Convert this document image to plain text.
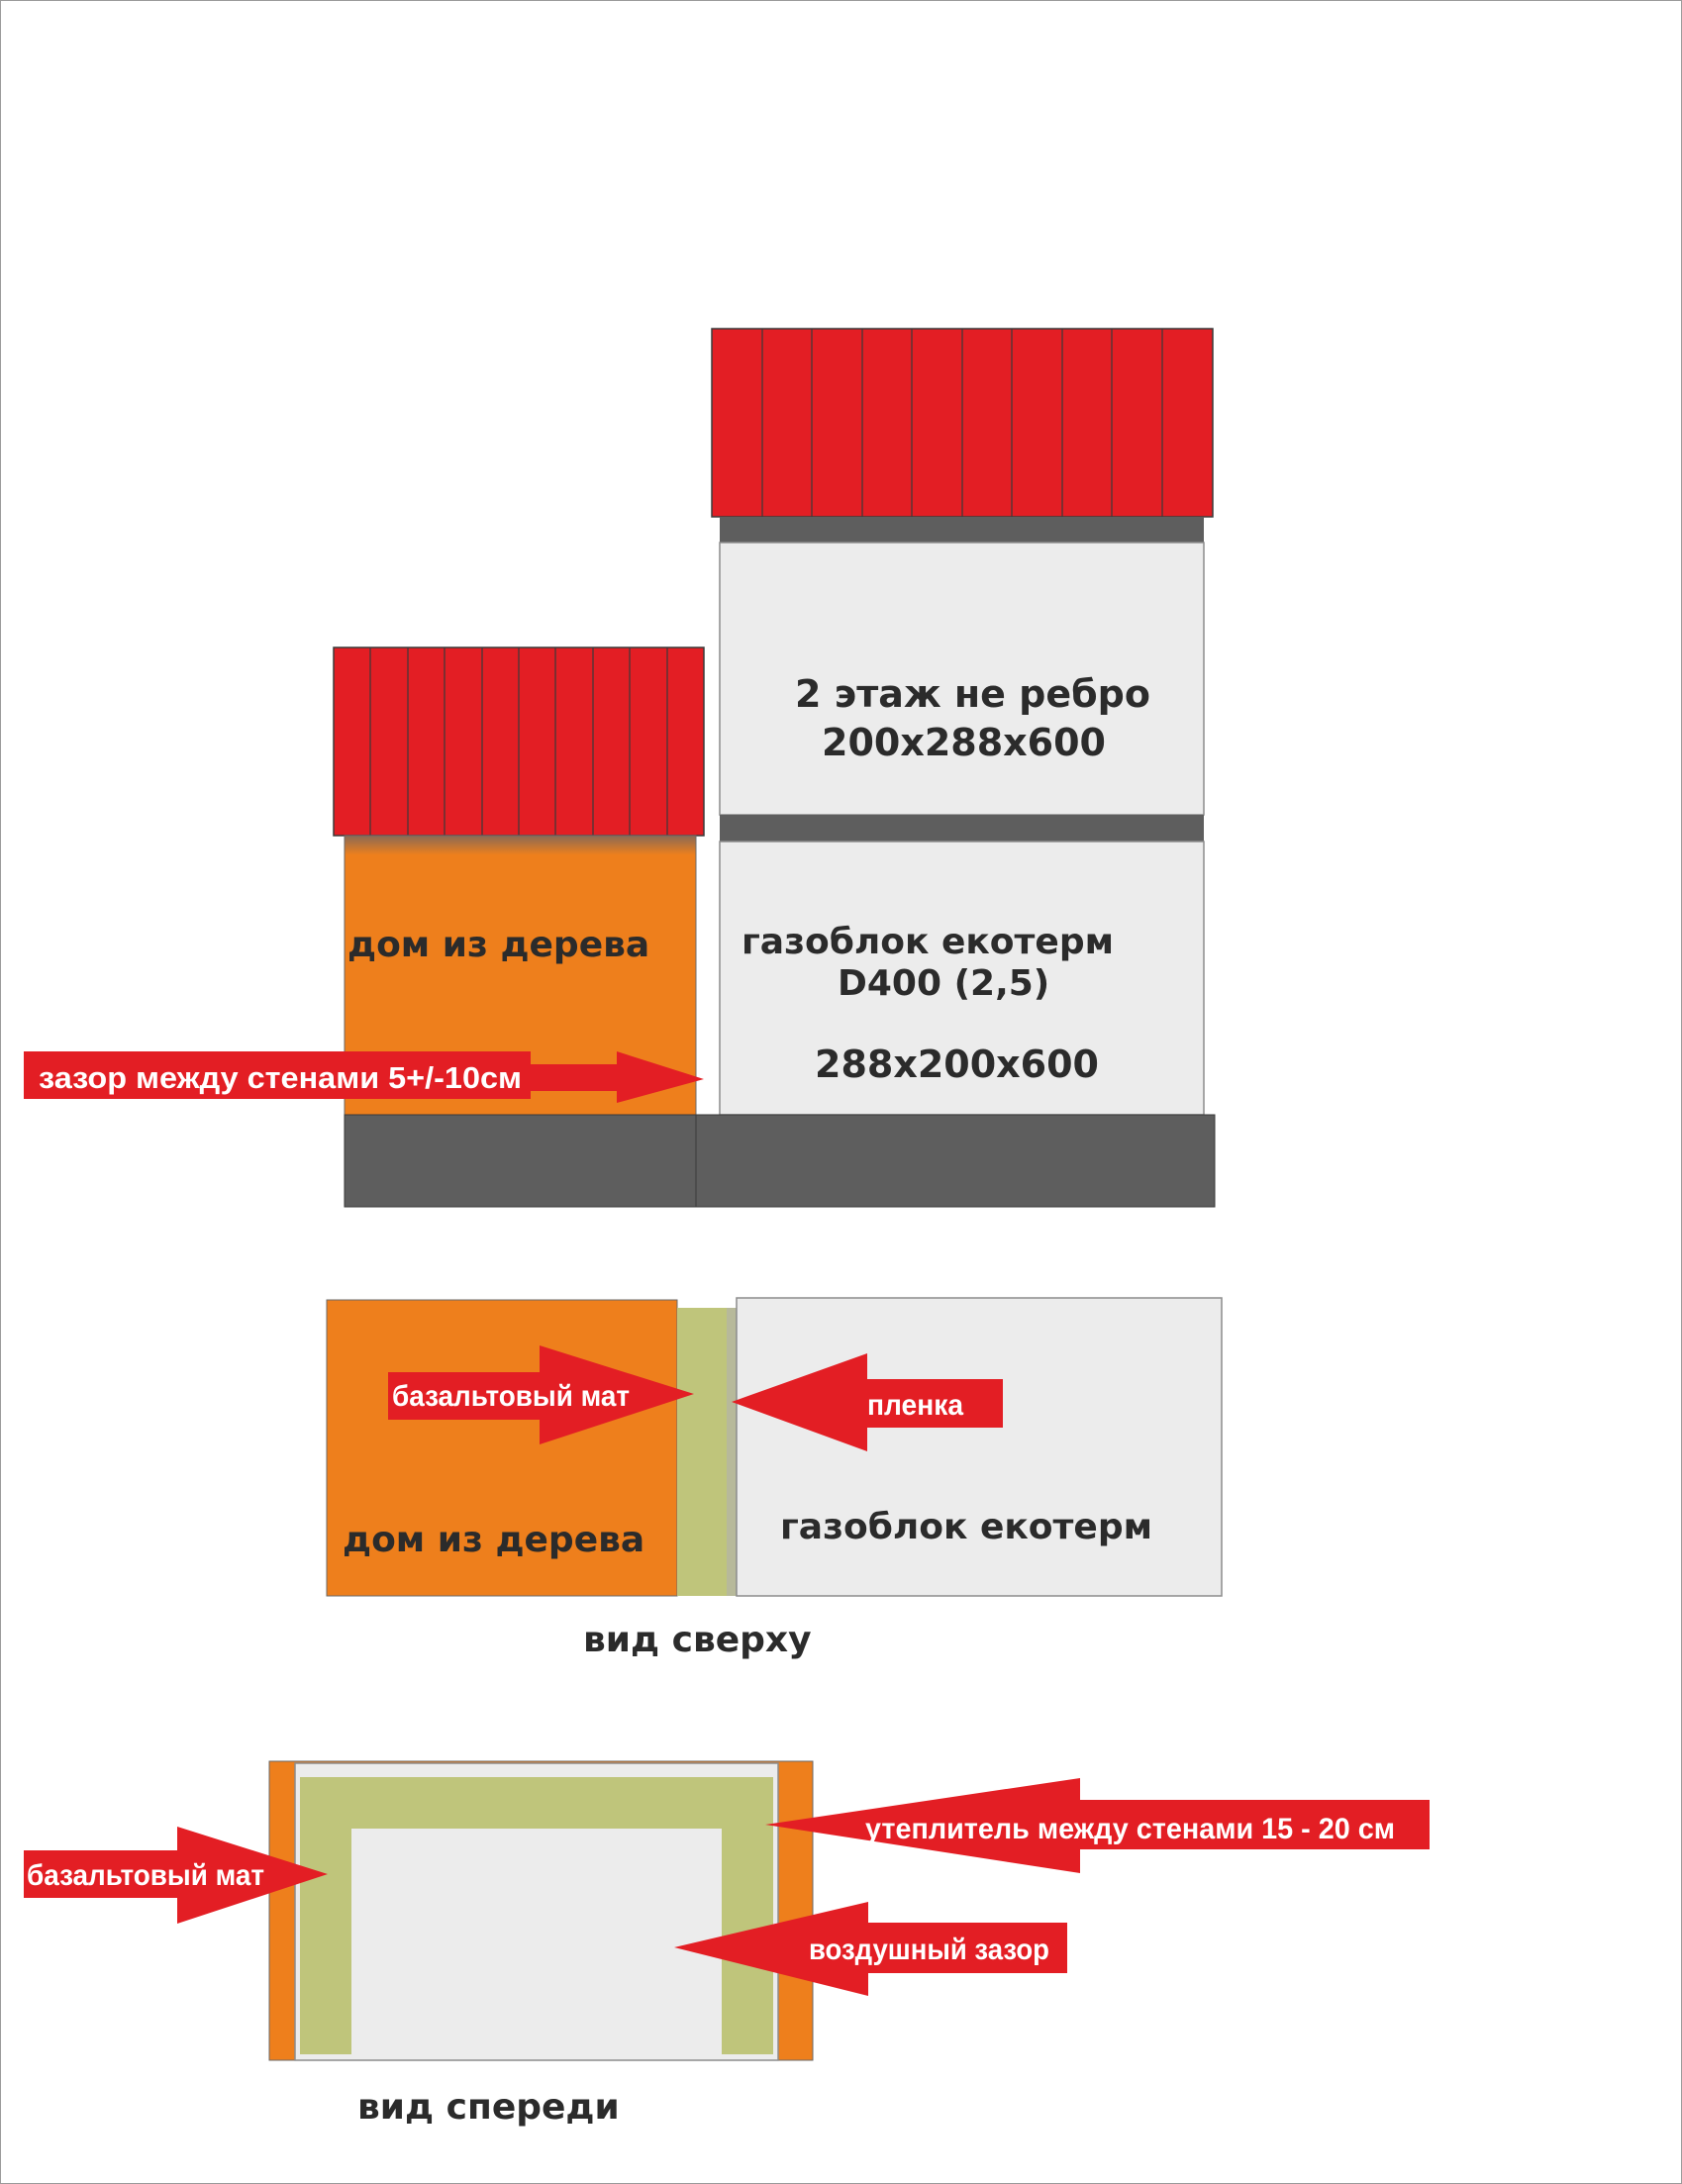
2 этаж не ребро
200x288x600
дом из дерева	газоблок екотерм
D400 (2,5)
288x200x600
зазор между стенами 5+/-10см
базальтовый мат	пленка
дом из дерева	газоблок екотерм
вид сверху
базальтовый мат
утеплитель между стенами 15 - 20 см
воздушный зазор
вид спереди
